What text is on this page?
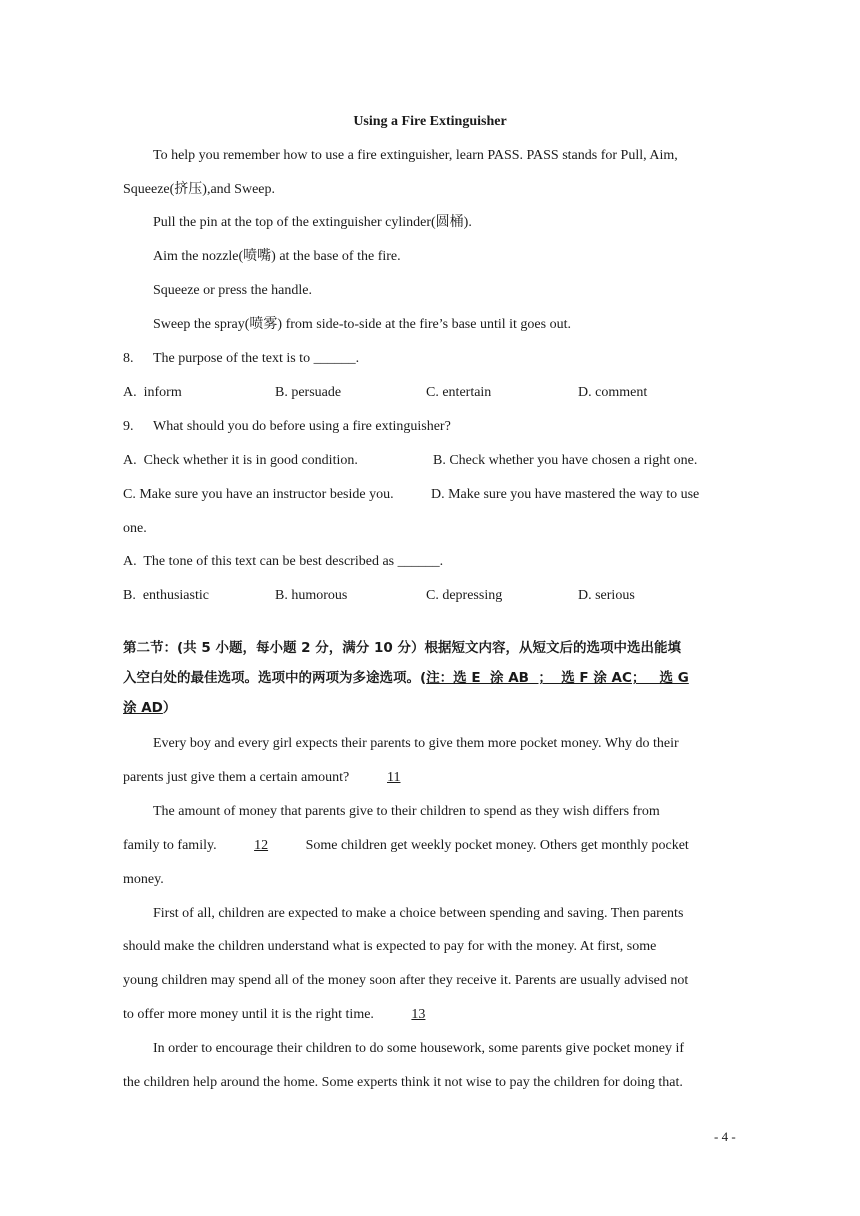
Using a Fire Extinguisher
To help you remember how to use a fire extinguisher, learn PASS. PASS stands for Pull, Aim,
Squeeze(挤压),and Sweep.
Pull the pin at the top of the extinguisher cylinder(圆桶).
Aim the nozzle(喷嘴) at the base of the fire.
Squeeze or press the handle.
Sweep the spray(喷雾) from side-to-side at the fire’s base until it goes out.
8. The purpose of the text is to ______.
A.  inform	B. persuade	C. entertain	D. comment
9. What should you do before using a fire extinguisher?
A.  Check whether it is in good condition.	B. Check whether you have chosen a right one.
C. Make sure you have an instructor beside you.	D. Make sure you have mastered the way to use
one.
A.  The tone of this text can be best described as ______.
B.  enthusiastic	B. humorous	C. depressing	D. serious
第二节：(共 5 小题，每小题 2 分，满分 10 分）根据短文内容，从短文后的选项中选出能填
入空白处的最佳选项。选项中的两项为多途选项。(注：选 E  涂 AB  ；  选 F 涂 AC；   选 G
涂 AD）
Every boy and every girl expects their parents to give them more pocket money. Why do their
parents just give them a certain amount?	11
The amount of money that parents give to their children to spend as they wish differs from
family to family.	12	Some children get weekly pocket money. Others get monthly pocket
money.
First of all, children are expected to make a choice between spending and saving. Then parents
should make the children understand what is expected to pay for with the money. At first, some
young children may spend all of the money soon after they receive it. Parents are usually advised not
to offer more money until it is the right time.	13
In order to encourage their children to do some housework, some parents give pocket money if
the children help around the home. Some experts think it not wise to pay the children for doing that.
- 4 -
